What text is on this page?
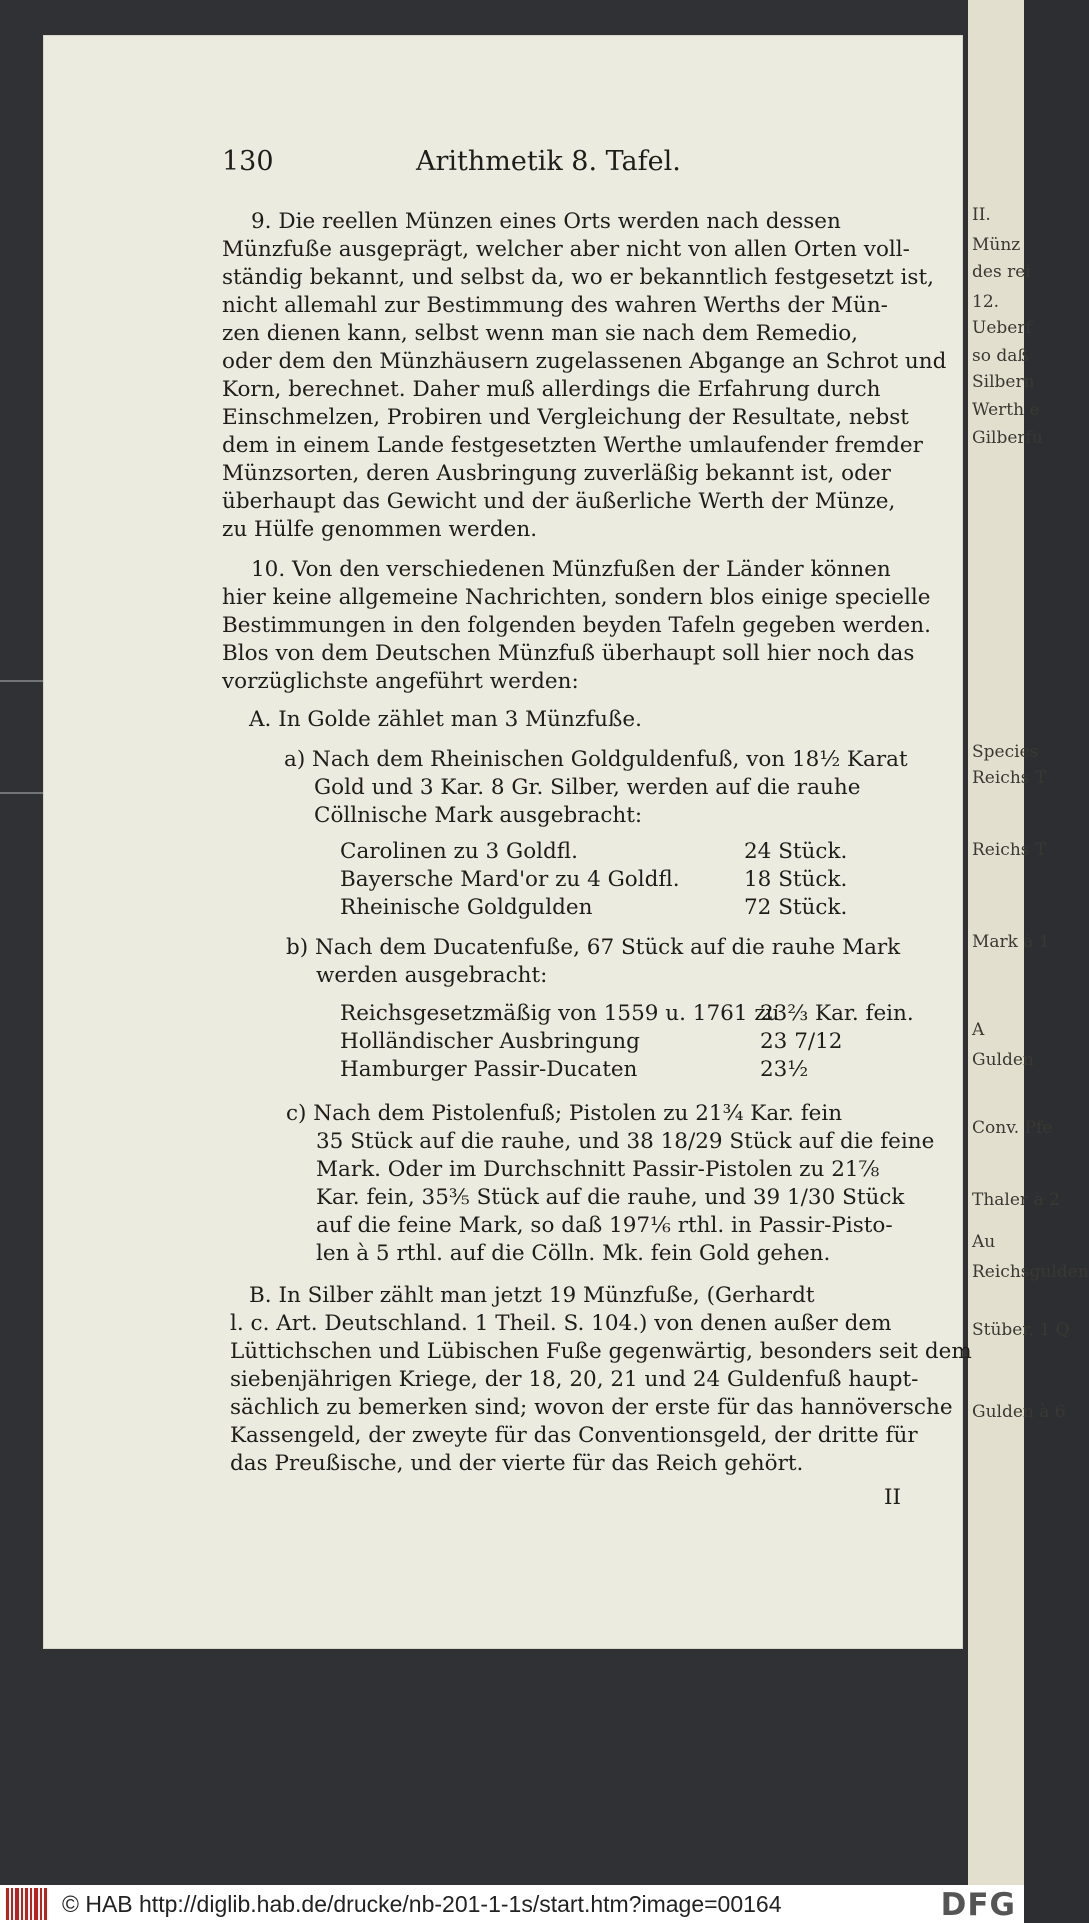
II.
Münz
des rei
12.
Ueberf
so daß
Silbern
Werth e
Gilberfu
Species
Reichs T
Reichs T
Mark à 1
A
Gulden
Conv. Pfe
Thaler à 2
Au
Reichsgulden
Stüber, 1 Q
Gulden à 6
130	Arithmetik 8. Tafel.
9. Die reellen Münzen eines Orts werden nach dessen
Münzfuße ausgeprägt, welcher aber nicht von allen Orten voll-
ständig bekannt, und selbst da, wo er bekanntlich festgesetzt ist,
nicht allemahl zur Bestimmung des wahren Werths der Mün-
zen dienen kann, selbst wenn man sie nach dem Remedio,
oder dem den Münzhäusern zugelassenen Abgange an Schrot und
Korn, berechnet. Daher muß allerdings die Erfahrung durch
Einschmelzen, Probiren und Vergleichung der Resultate, nebst
dem in einem Lande festgesetzten Werthe umlaufender fremder
Münzsorten, deren Ausbringung zuverläßig bekannt ist, oder
überhaupt das Gewicht und der äußerliche Werth der Münze,
zu Hülfe genommen werden.
10. Von den verschiedenen Münzfußen der Länder können
hier keine allgemeine Nachrichten, sondern blos einige specielle
Bestimmungen in den folgenden beyden Tafeln gegeben werden.
Blos von dem Deutschen Münzfuß überhaupt soll hier noch das
vorzüglichste angeführt werden:
A. In Golde zählet man 3 Münzfuße.
a) Nach dem Rheinischen Goldguldenfuß, von 18½ Karat
Gold und 3 Kar. 8 Gr. Silber, werden auf die rauhe
Cöllnische Mark ausgebracht:
Carolinen zu 3 Goldfl.	24 Stück.
Bayersche Mard'or zu 4 Goldfl.	18 Stück.
Rheinische Goldgulden	72 Stück.
b) Nach dem Ducatenfuße, 67 Stück auf die rauhe Mark
werden ausgebracht:
Reichsgesetzmäßig von 1559 u. 1761 zu
23⅔ Kar. fein.
Holländischer Ausbringung	23 7/12
Hamburger Passir-Ducaten	23½
c) Nach dem Pistolenfuß; Pistolen zu 21¾ Kar. fein
35 Stück auf die rauhe, und 38 18/29 Stück auf die feine
Mark. Oder im Durchschnitt Passir-Pistolen zu 21⅞
Kar. fein, 35⅗ Stück auf die rauhe, und 39 1/30 Stück
auf die feine Mark, so daß 197⅙ rthl. in Passir-Pisto-
len à 5 rthl. auf die Cölln. Mk. fein Gold gehen.
B. In Silber zählt man jetzt 19 Münzfuße, (Gerhardt
l. c. Art. Deutschland. 1 Theil. S. 104.) von denen außer dem
Lüttichschen und Lübischen Fuße gegenwärtig, besonders seit dem
siebenjährigen Kriege, der 18, 20, 21 und 24 Guldenfuß haupt-
sächlich zu bemerken sind; wovon der erste für das hannöversche
Kassengeld, der zweyte für das Conventionsgeld, der dritte für
das Preußische, und der vierte für das Reich gehört.
II
© HAB http://diglib.hab.de/drucke/nb-201-1-1s/start.htm?image=00164	DFG
